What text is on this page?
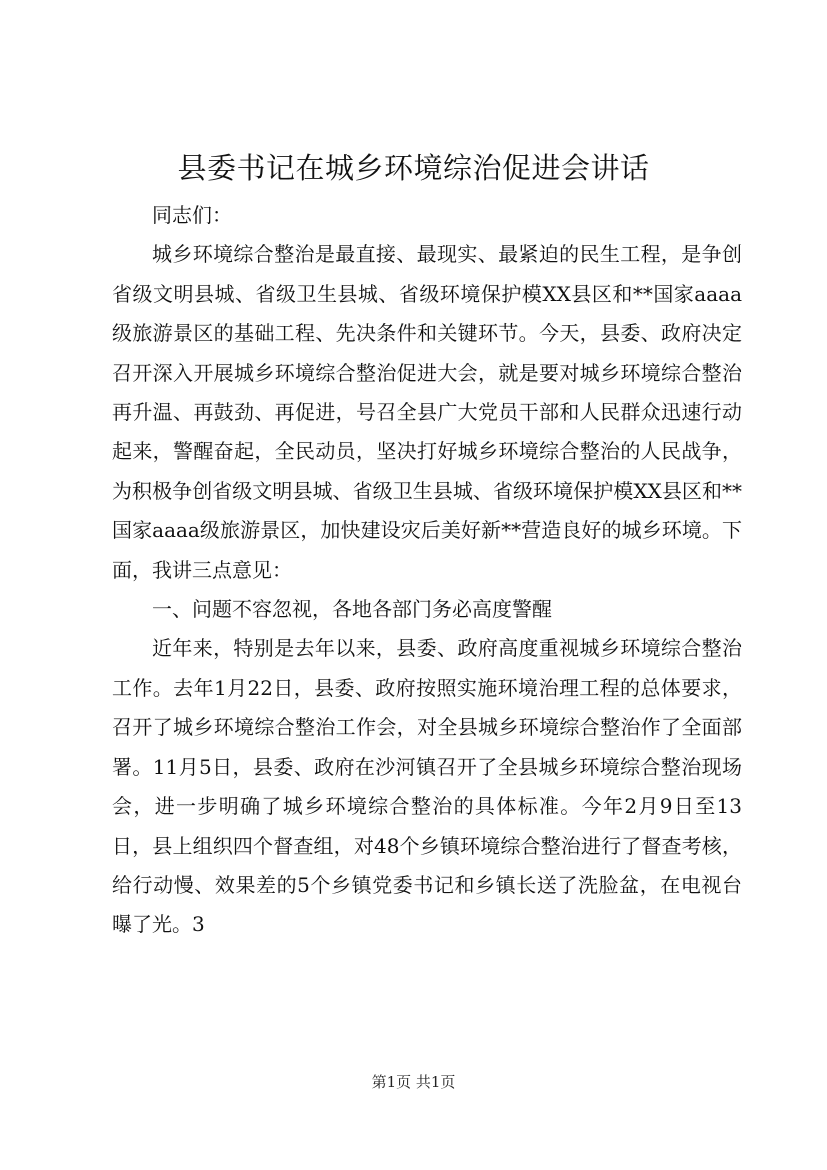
县委书记在城乡环境综治促进会讲话

同志们：

城乡环境综合整治是最直接、最现实、最紧迫的民生工程，是争创省级文明县城、省级卫生县城、省级环境保护模XX县区和**国家aaaa级旅游景区的基础工程、先决条件和关键环节。今天，县委、政府决定召开深入开展城乡环境综合整治促进大会，就是要对城乡环境综合整治再升温、再鼓劲、再促进，号召全县广大党员干部和人民群众迅速行动起来，警醒奋起，全民动员，坚决打好城乡环境综合整治的人民战争，为积极争创省级文明县城、省级卫生县城、省级环境保护模XX县区和**国家aaaa级旅游景区，加快建设灾后美好新**营造良好的城乡环境。下面，我讲三点意见：

一、问题不容忽视，各地各部门务必高度警醒

近年来，特别是去年以来，县委、政府高度重视城乡环境综合整治工作。去年1月22日，县委、政府按照实施环境治理工程的总体要求，召开了城乡环境综合整治工作会，对全县城乡环境综合整治作了全面部署。11月5日，县委、政府在沙河镇召开了全县城乡环境综合整治现场会，进一步明确了城乡环境综合整治的具体标准。今年2月9日至13日，县上组织四个督查组，对48个乡镇环境综合整治进行了督查考核，给行动慢、效果差的5个乡镇党委书记和乡镇长送了洗脸盆，在电视台曝了光。3

第1页 共1页
